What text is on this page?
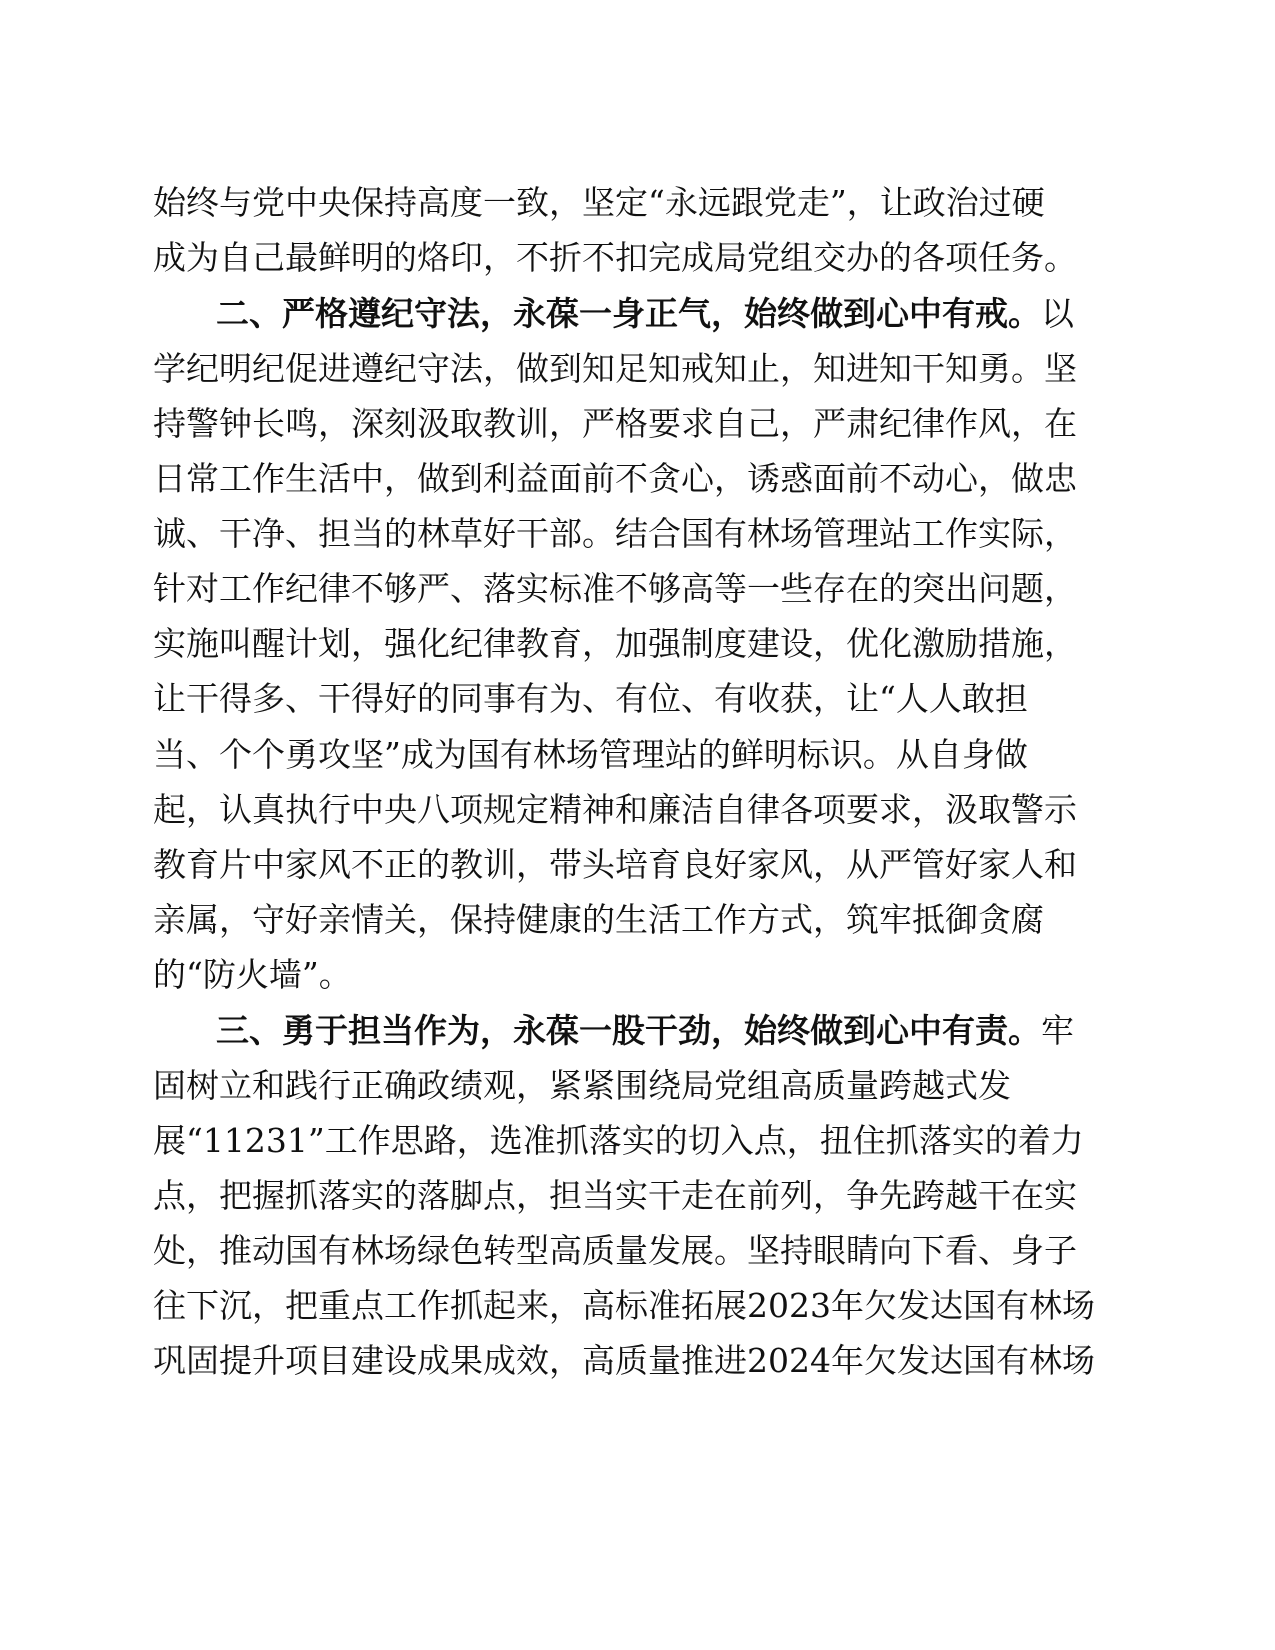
始终与党中央保持高度一致，坚定“永远跟党走”，让政治过硬
成为自己最鲜明的烙印，不折不扣完成局党组交办的各项任务。
二、严格遵纪守法，永葆一身正气，始终做到心中有戒。以
学纪明纪促进遵纪守法，做到知足知戒知止，知进知干知勇。坚
持警钟长鸣，深刻汲取教训，严格要求自己，严肃纪律作风，在
日常工作生活中，做到利益面前不贪心，诱惑面前不动心，做忠
诚、干净、担当的林草好干部。结合国有林场管理站工作实际，
针对工作纪律不够严、落实标准不够高等一些存在的突出问题，
实施叫醒计划，强化纪律教育，加强制度建设，优化激励措施，
让干得多、干得好的同事有为、有位、有收获，让“人人敢担
当、个个勇攻坚”成为国有林场管理站的鲜明标识。从自身做
起，认真执行中央八项规定精神和廉洁自律各项要求，汲取警示
教育片中家风不正的教训，带头培育良好家风，从严管好家人和
亲属，守好亲情关，保持健康的生活工作方式，筑牢抵御贪腐
的“防火墙”。
三、勇于担当作为，永葆一股干劲，始终做到心中有责。牢
固树立和践行正确政绩观，紧紧围绕局党组高质量跨越式发
展“11231”工作思路，选准抓落实的切入点，扭住抓落实的着力
点，把握抓落实的落脚点，担当实干走在前列，争先跨越干在实
处，推动国有林场绿色转型高质量发展。坚持眼睛向下看、身子
往下沉，把重点工作抓起来，高标准拓展2023年欠发达国有林场
巩固提升项目建设成果成效，高质量推进2024年欠发达国有林场
